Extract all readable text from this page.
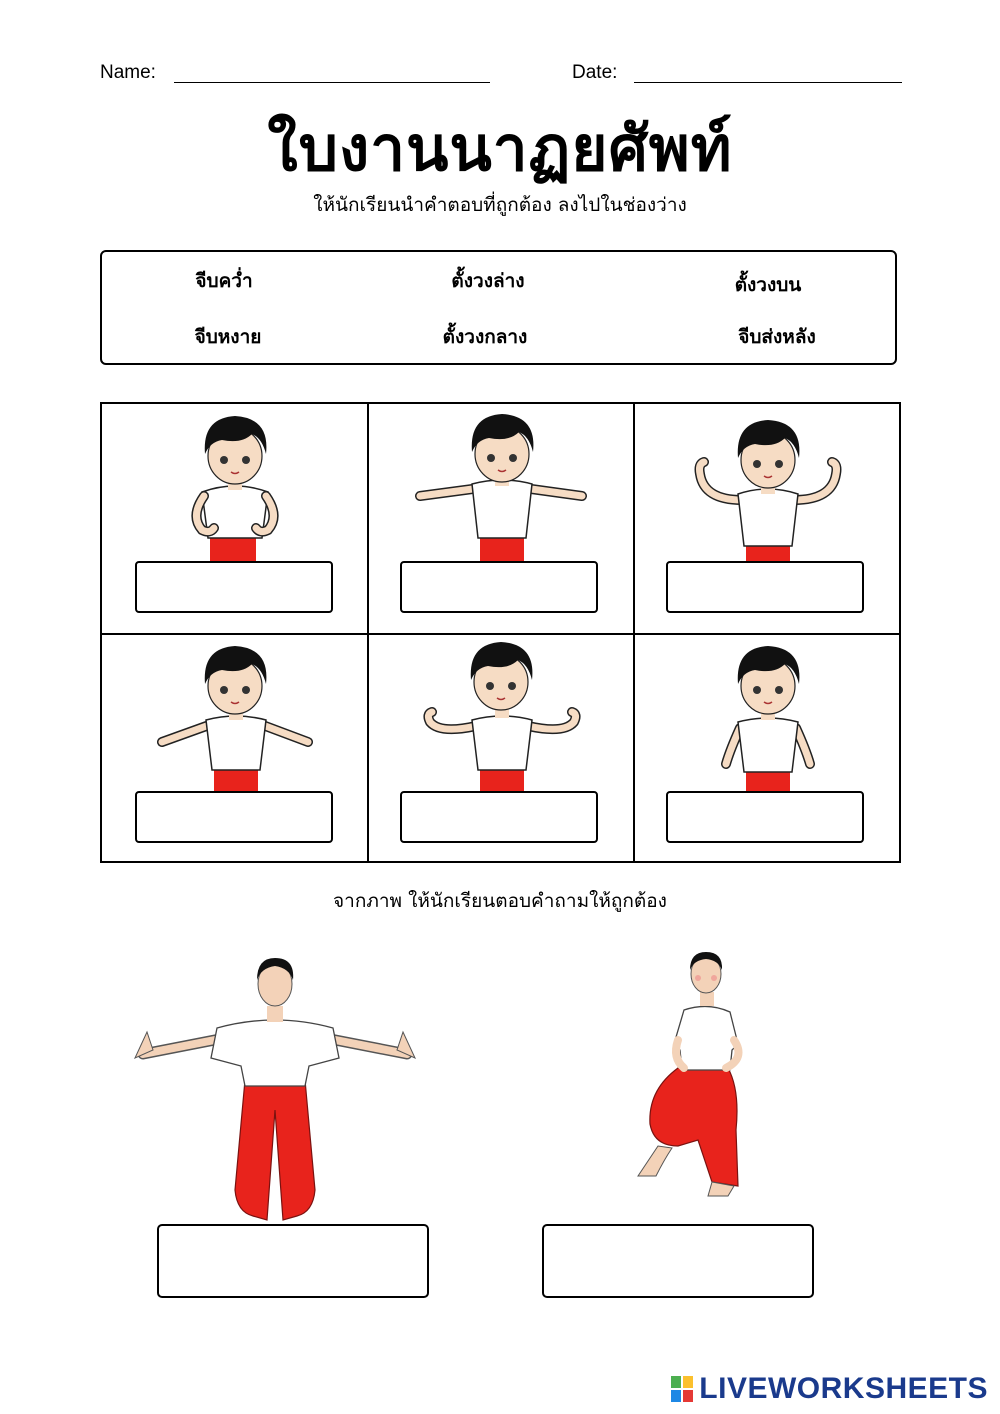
Name:	Date:
ใบงานนาฏยศัพท์
ให้นักเรียนนำคำตอบที่ถูกต้อง ลงไปในช่องว่าง
จีบคว่ำ	ตั้งวงล่าง	ตั้งวงบน
จีบหงาย	ตั้งวงกลาง	จีบส่งหลัง
จากภาพ ให้นักเรียนตอบคำถามให้ถูกต้อง
LIVEWORKSHEETS
